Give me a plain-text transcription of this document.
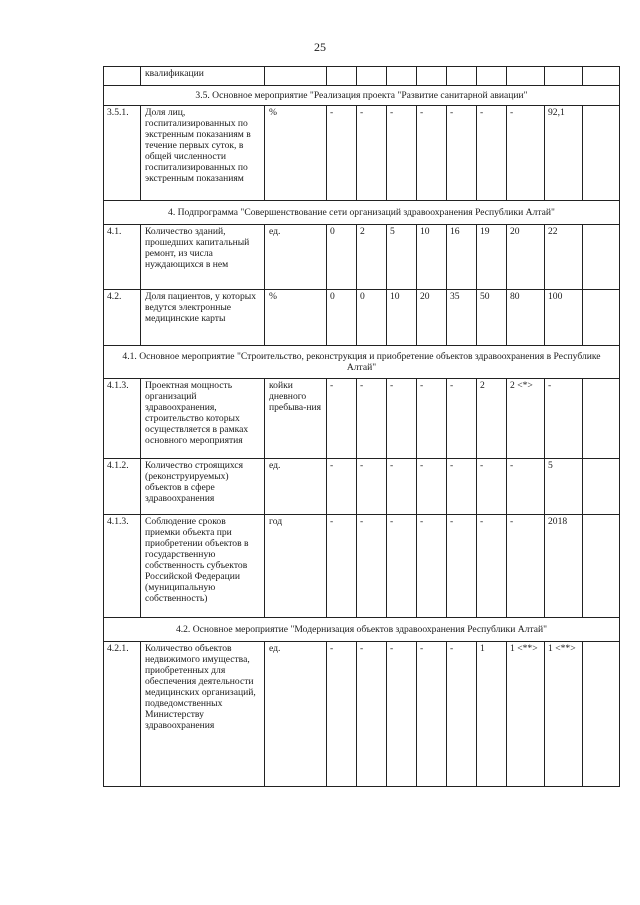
25
	квалификации											
3.5. Основное мероприятие "Реализация проекта "Развитие санитарной авиации"												
3.5.1.	Доля лиц, госпитализированных по экстренным показаниям в течение первых суток, в общей численности госпитализированных по экстренным показаниям	%	-	-	-	-	-	-	-	92,1		
4. Подпрограмма "Совершенствование сети организаций здравоохранения Республики Алтай"												
4.1.	Количество зданий, прошедших капитальный ремонт, из числа нуждающихся в нем	ед.	0	2	5	10	16	19	20	22		
4.2.	Доля пациентов, у которых ведутся электронные медицинские карты	%	0	0	10	20	35	50	80	100		
4.1. Основное мероприятие "Строительство, реконструкция и приобретение объектов здравоохранения в Республике Алтай"												
4.1.3.	Проектная мощность организаций здравоохранения, строительство которых осуществляется в рамках основного мероприятия	койки дневного пребыва-ния	-	-	-	-	-	2	2 <*>	-		
4.1.2.	Количество строящихся (реконструируемых) объектов в сфере здравоохранения	ед.	-	-	-	-	-	-	-	5		
4.1.3.	Соблюдение сроков приемки объекта при приобретении объектов в государственную собственность субъектов Российской Федерации (муниципальную собственность)	год	-	-	-	-	-	-	-	2018		
4.2. Основное мероприятие "Модернизация объектов здравоохранения Республики Алтай"												
4.2.1.	Количество объектов недвижимого имущества, приобретенных для обеспечения деятельности медицинских организаций, подведомственных Министерству здравоохранения	ед.	-	-	-	-	-	1	1 <**>	1 <**>		
